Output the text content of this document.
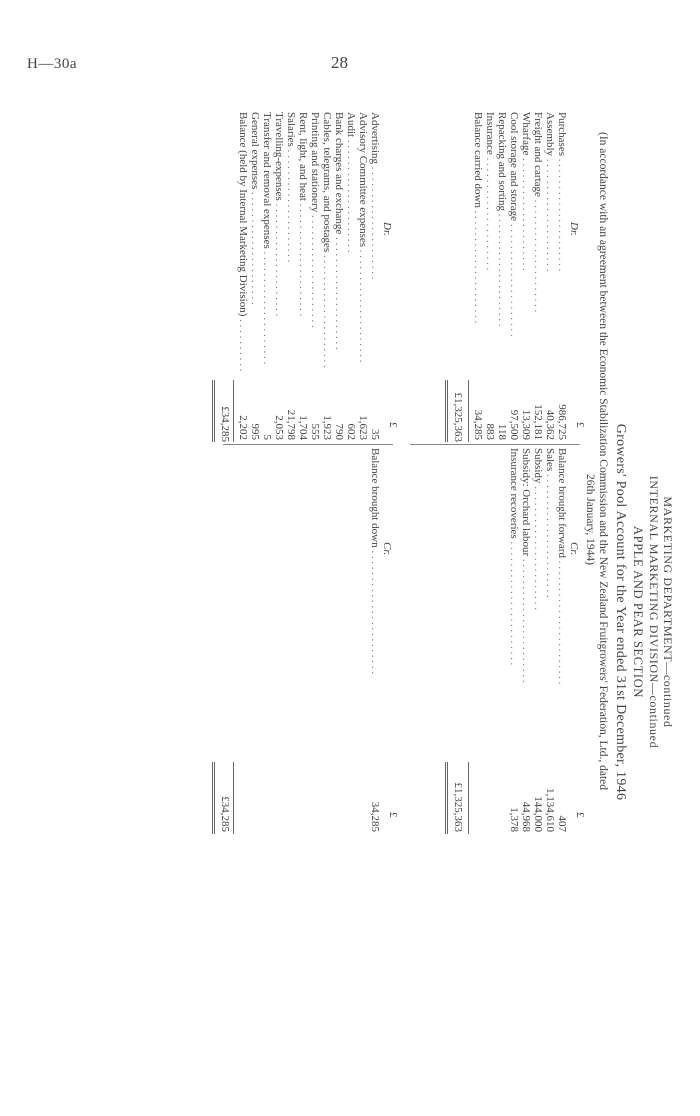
H—30a	28
MARKETING DEPARTMENT—continued
INTERNAL MARKETING DIVISION—continued
APPLE AND PEAR SECTION
Growers' Pool Account for the Year ended 31st December, 1946
(In accordance with an agreement between the Economic Stabilization Commission and the New Zealand Fruitgrowers' Federation, Ltd., dated
26th January, 1944)
Dr.
Cr.
£
£
Purchases . .
986,725
Assembly . .
40,362
Freight and cartage . .
152,181
Wharfage . .
13,309
Cool storage and storage . .
97,500
Repacking and sorting . .
118
Insurance . .
883
Balance carried down . .
34,285
£1,325,363
Balance brought forward . .
407
Sales . .
1,134,610
Subsidy . .
144,000
Subsidy: Orchard labour . .
44,968
Insurance recoveries . .
1,378
£1,325,363
Dr.
Cr.
£
£
Advertising . .
35
Advisory Committee expenses . .
1,623
Audit . .
602
Bank charges and exchange . .
790
Cables, telegrams, and postages . .
1,923
Printing and stationery . .
555
Rent, light, and heat . .
1,704
Salaries . .
21,798
Travelling-expenses . .
2,053
Transfer and removal expenses . .
5
General expenses . .
995
Balance (held by Internal Marketing Division) . .
2,202
£34,285
Balance brought down . .
34,285
£34,285
